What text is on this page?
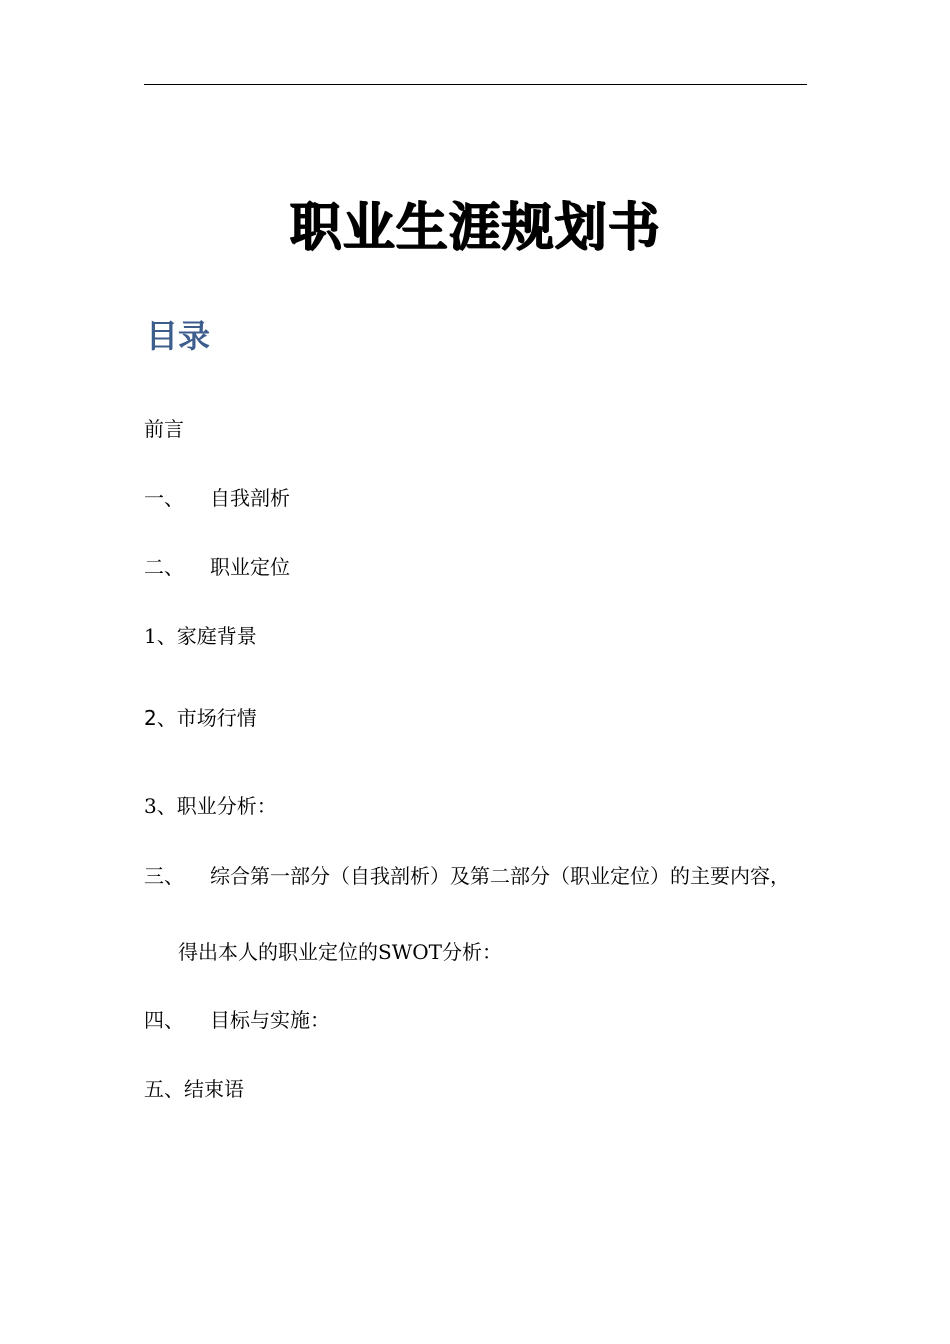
职业生涯规划书
目录
前言
一、 自我剖析
二、 职业定位
1、家庭背景
2、市场行情
3、职业分析：
三、 综合第一部分（自我剖析）及第二部分（职业定位）的主要内容，
得出本人的职业定位的SWOT分析：
四、 目标与实施：
五、结束语
